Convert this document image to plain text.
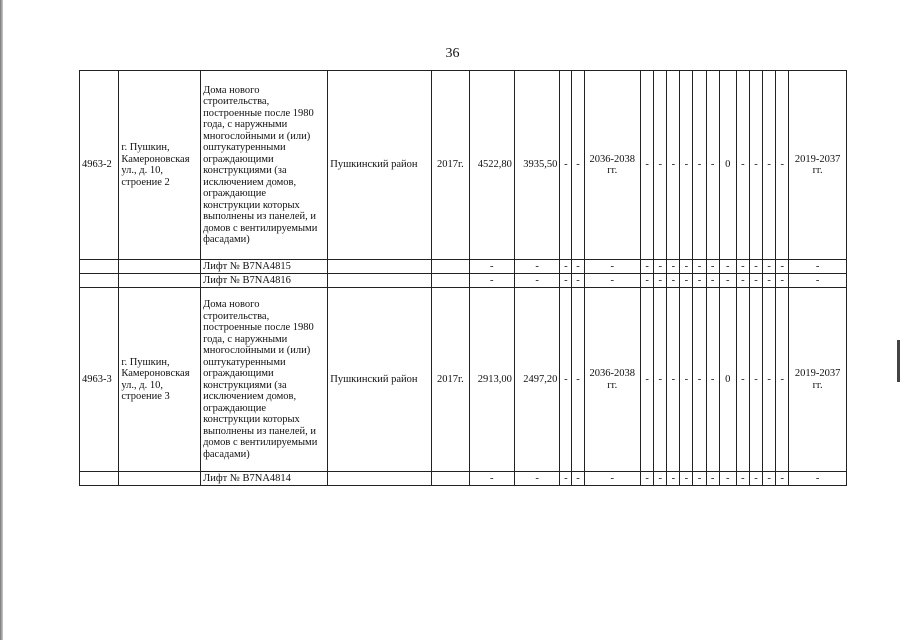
36
4963-2	г. Пушкин, Камероновская ул., д. 10, строение 2	Дома нового строительства, построенные после 1980 года, с наружными многослойными и (или) оштукатуренными ограждающими конструкциями (за исключением домов, ограждающие конструкции которых выполнены из панелей, и домов с вентилируемыми фасадами)	Пушкинский район	2017г.	4522,80	3935,50	-	-	2036-2038 гг.	-	-	-	-	-	-	0	-	-	-	-	2019-2037 гг.
		Лифт № B7NA4815			-	-	-	-	-	-	-	-	-	-	-	-	-	-	-	-	-
		Лифт № B7NA4816			-	-	-	-	-	-	-	-	-	-	-	-	-	-	-	-	-
4963-3	г. Пушкин, Камероновская ул., д. 10, строение 3	Дома нового строительства, построенные после 1980 года, с наружными многослойными и (или) оштукатуренными ограждающими конструкциями (за исключением домов, ограждающие конструкции которых выполнены из панелей, и домов с вентилируемыми фасадами)	Пушкинский район	2017г.	2913,00	2497,20	-	-	2036-2038 гг.	-	-	-	-	-	-	0	-	-	-	-	2019-2037 гг.
		Лифт № B7NA4814			-	-	-	-	-	-	-	-	-	-	-	-	-	-	-	-	-
